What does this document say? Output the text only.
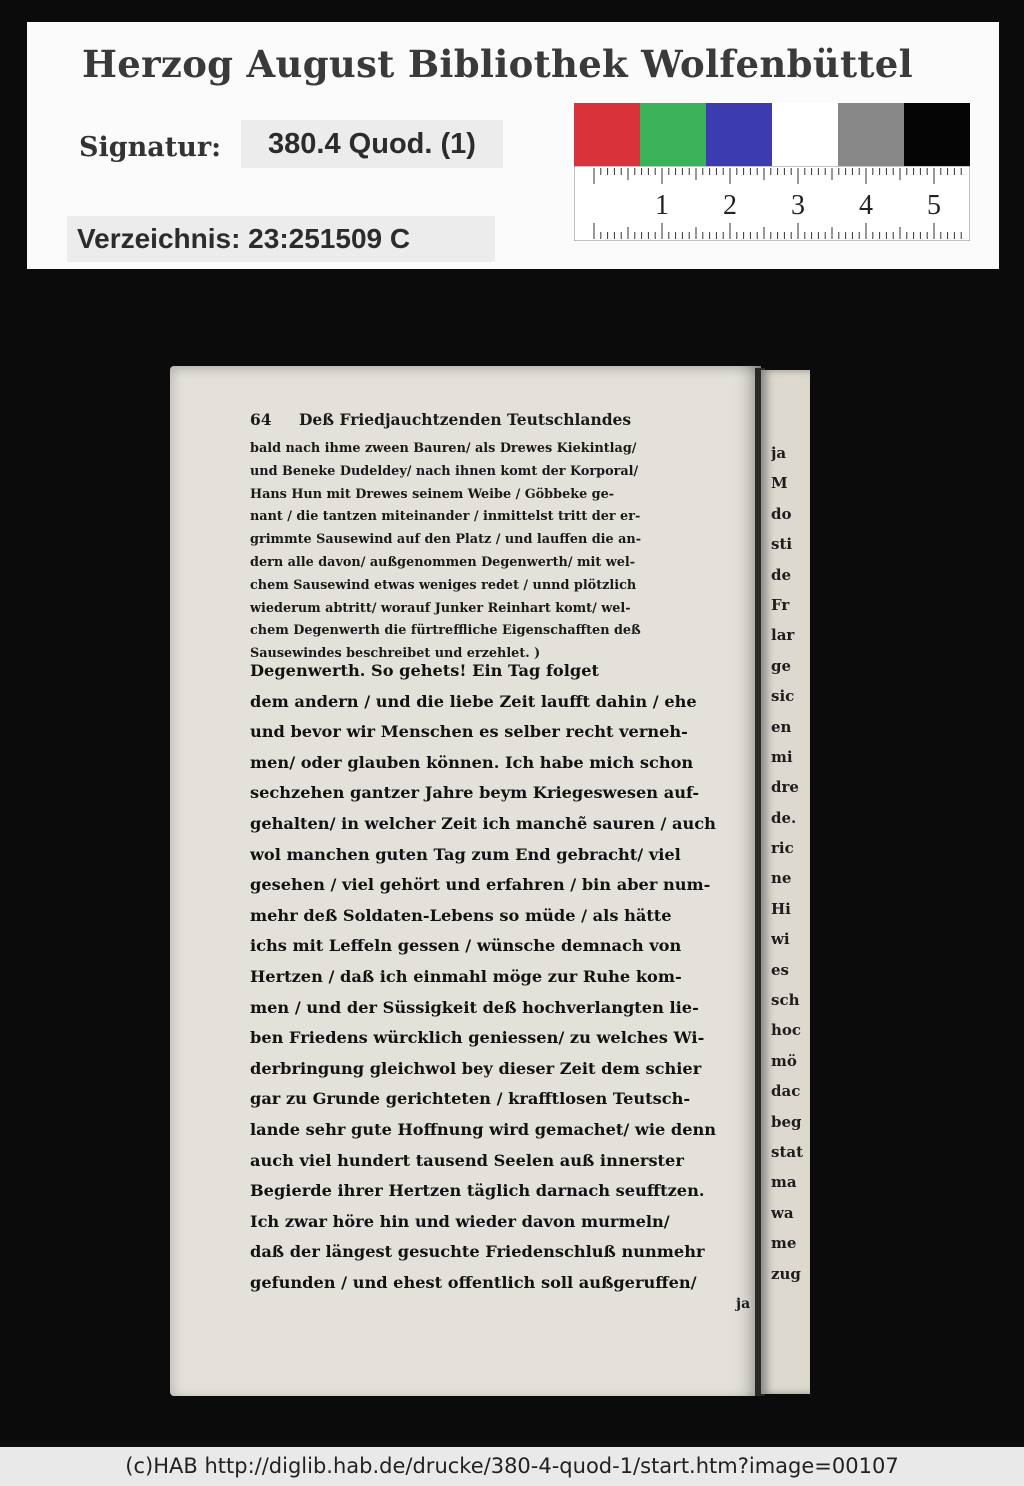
Herzog August Bibliothek Wolfenbüttel
Signatur:	380.4 Quod. (1)
Verzeichnis: 23:251509 C
1 2 3 4 5
64 Deß Friedjauchtzenden Teutschlandes
bald nach ihme zween Bauren/ als Drewes Kiekintlag/
und Beneke Dudeldey/ nach ihnen komt der Korporal/
Hans Hun mit Drewes seinem Weibe / Göbbeke ge-
nant / die tantzen miteinander / inmittelst tritt der er-
grimmte Sausewind auf den Platz / und lauffen die an-
dern alle davon/ außgenommen Degenwerth/ mit wel-
chem Sausewind etwas weniges redet / unnd plötzlich
wiederum abtritt/ worauf Junker Reinhart komt/ wel-
chem Degenwerth die fürtreffliche Eigenschafften deß
Sausewindes beschreibet und erzehlet. )
Degenwerth. So gehets! Ein Tag folget
dem andern / und die liebe Zeit laufft dahin / ehe
und bevor wir Menschen es selber recht verneh-
men/ oder glauben können. Ich habe mich schon
sechzehen gantzer Jahre beym Kriegeswesen auf-
gehalten/ in welcher Zeit ich manchẽ sauren / auch
wol manchen guten Tag zum End gebracht/ viel
gesehen / viel gehört und erfahren / bin aber num-
mehr deß Soldaten-Lebens so müde / als hätte
ichs mit Leffeln gessen / wünsche demnach von
Hertzen / daß ich einmahl möge zur Ruhe kom-
men / und der Süssigkeit deß hochverlangten lie-
ben Friedens würcklich geniessen/ zu welches Wi-
derbringung gleichwol bey dieser Zeit dem schier
gar zu Grunde gerichteten / krafftlosen Teutsch-
lande sehr gute Hoffnung wird gemachet/ wie denn
auch viel hundert tausend Seelen auß innerster
Begierde ihrer Hertzen täglich darnach seufftzen.
Ich zwar höre hin und wieder davon murmeln/
daß der längest gesuchte Friedenschluß nunmehr
gefunden / und ehest offentlich soll außgeruffen/
ja
ja
M
do
sti
de
Fr
lar
ge
sic
en
mi
dre
de.
ric
ne
Hi
wi
es
sch
hoc
mö
dac
beg
stat
ma
wa
me
zug
(c)HAB http://diglib.hab.de/drucke/380-4-quod-1/start.htm?image=00107
